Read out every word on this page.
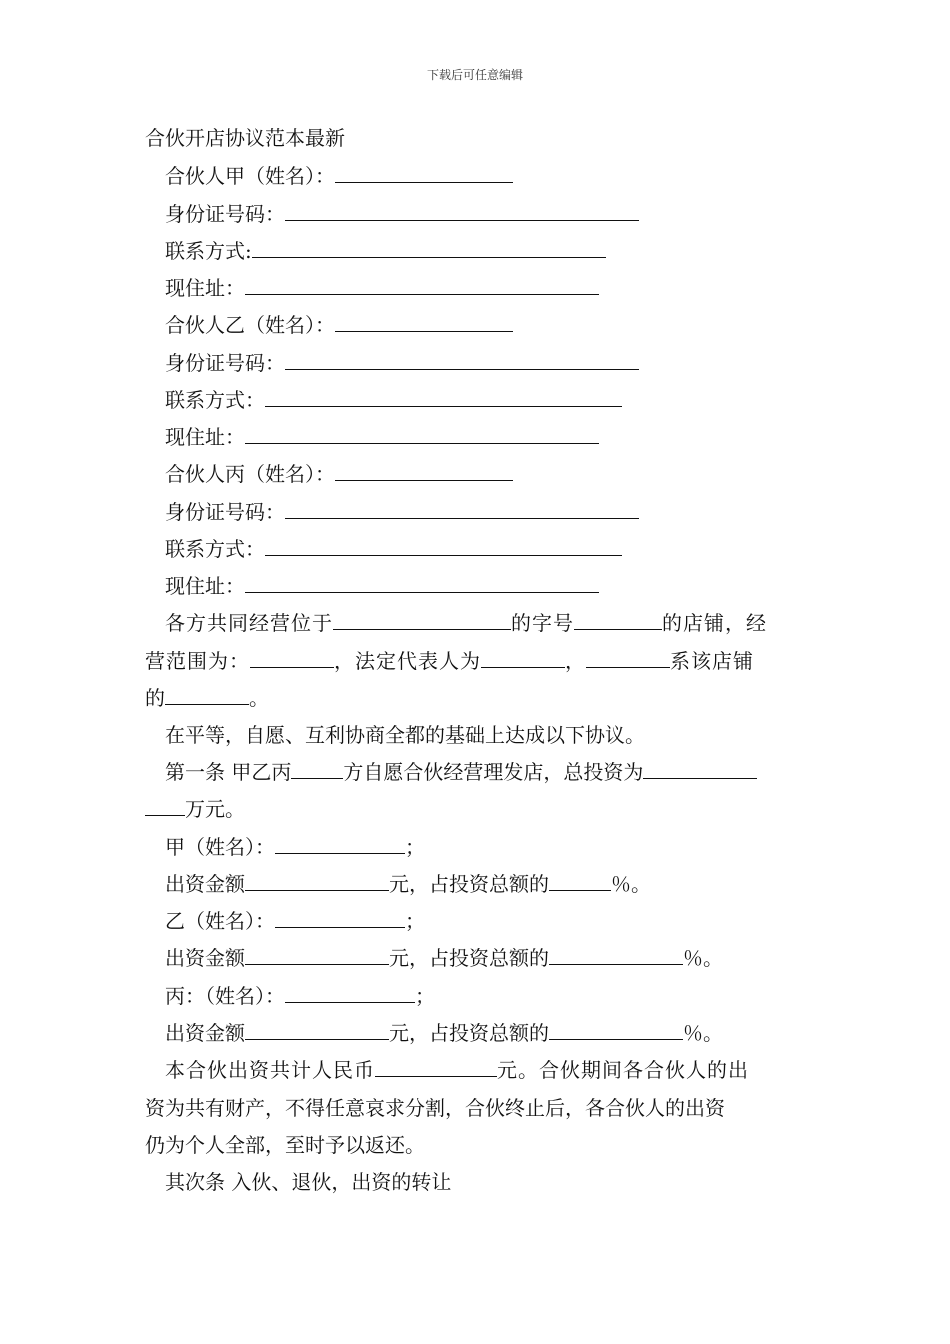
下载后可任意编辑
合伙开店协议范本最新
合伙人甲（姓名）：
身份证号码：
联系方式:
现住址：
合伙人乙（姓名）：
身份证号码：
联系方式：
现住址：
合伙人丙（姓名）：
身份证号码：
联系方式：
现住址：
各方共同经营位于	的字号	的店铺，经
营范围为：	，法定代表人为	，	系该店铺
的	。
在平等，自愿、互利协商全都的基础上达成以下协议。
第一条 甲乙丙	方自愿合伙经营理发店，总投资为
万元。
甲（姓名）：	；
出资金额	元，占投资总额的	％。
乙（姓名）：	；
出资金额	元，占投资总额的	％。
丙：（姓名）：	；
出资金额	元，占投资总额的	％。
本合伙出资共计人民币	元。合伙期间各合伙人的出
资为共有财产，不得任意哀求分割，合伙终止后，各合伙人的出资
仍为个人全部，至时予以返还。
其次条 入伙、退伙，出资的转让
